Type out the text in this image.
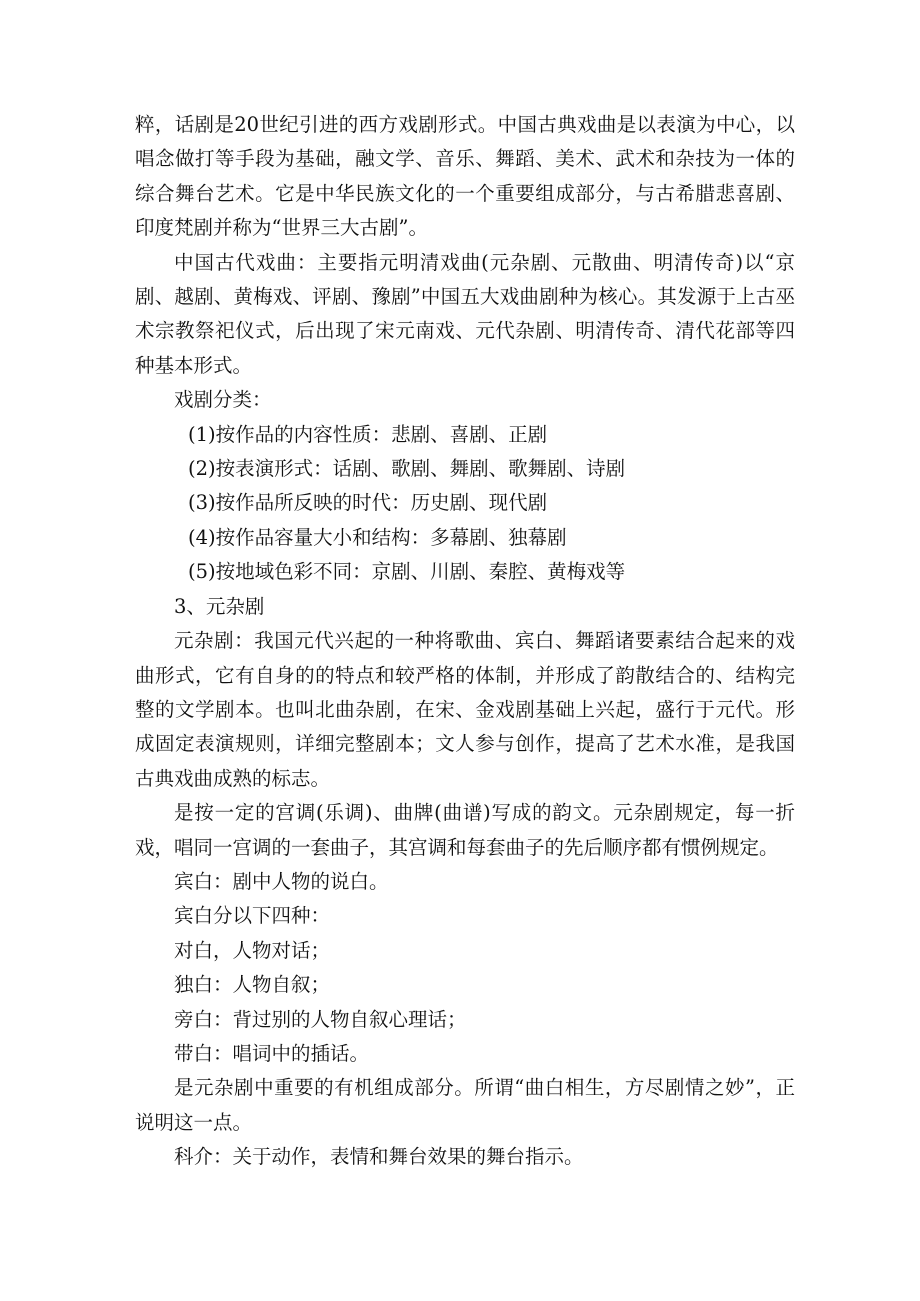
粹，话剧是20世纪引进的西方戏剧形式。中国古典戏曲是以表演为中心，以唱念做打等手段为基础，融文学、音乐、舞蹈、美术、武术和杂技为一体的综合舞台艺术。它是中华民族文化的一个重要组成部分，与古希腊悲喜剧、印度梵剧并称为“世界三大古剧”。

中国古代戏曲：主要指元明清戏曲(元杂剧、元散曲、明清传奇)以“京剧、越剧、黄梅戏、评剧、豫剧”中国五大戏曲剧种为核心。其发源于上古巫术宗教祭祀仪式，后出现了宋元南戏、元代杂剧、明清传奇、清代花部等四种基本形式。

戏剧分类：

(1)按作品的内容性质：悲剧、喜剧、正剧

(2)按表演形式：话剧、歌剧、舞剧、歌舞剧、诗剧

(3)按作品所反映的时代：历史剧、现代剧

(4)按作品容量大小和结构：多幕剧、独幕剧

(5)按地域色彩不同：京剧、川剧、秦腔、黄梅戏等

3、元杂剧

元杂剧：我国元代兴起的一种将歌曲、宾白、舞蹈诸要素结合起来的戏曲形式，它有自身的的特点和较严格的体制，并形成了韵散结合的、结构完整的文学剧本。也叫北曲杂剧，在宋、金戏剧基础上兴起，盛行于元代。形成固定表演规则，详细完整剧本；文人参与创作，提高了艺术水准，是我国古典戏曲成熟的标志。

是按一定的宫调(乐调)、曲牌(曲谱)写成的韵文。元杂剧规定，每一折戏，唱同一宫调的一套曲子，其宫调和每套曲子的先后顺序都有惯例规定。

宾白：剧中人物的说白。

宾白分以下四种：

对白，人物对话；

独白：人物自叙；

旁白：背过别的人物自叙心理话；

带白：唱词中的插话。

是元杂剧中重要的有机组成部分。所谓“曲白相生，方尽剧情之妙”，正说明这一点。

科介：关于动作，表情和舞台效果的舞台指示。
